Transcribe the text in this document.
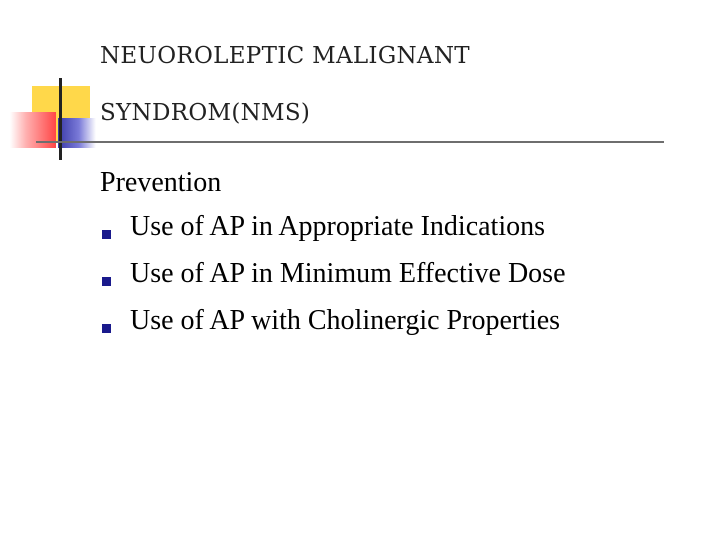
NEUOROLEPTIC MALIGNANT
SYNDROM(NMS)

Prevention

Use of AP in Appropriate Indications
Use of AP in Minimum Effective Dose
Use of AP with Cholinergic Properties
